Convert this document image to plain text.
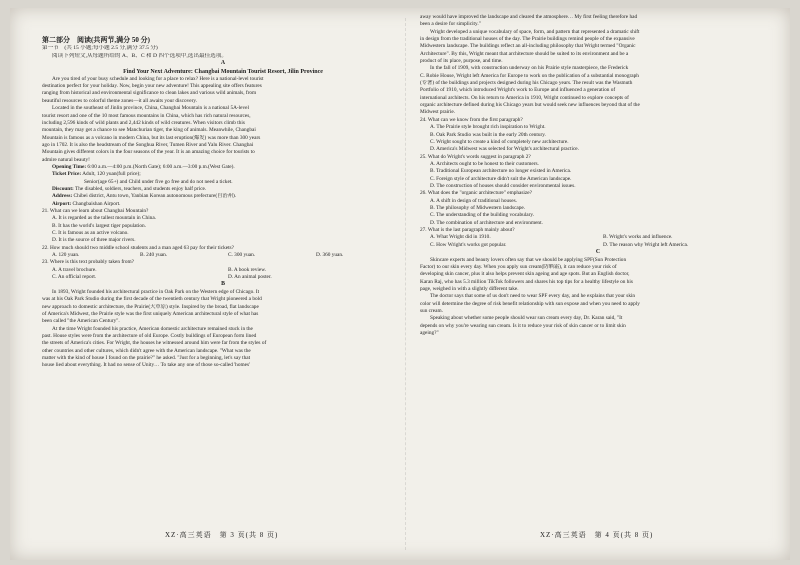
第二部分　阅读(共两节,满分 50 分)
第一节　(共 15 小题;每小题 2.5 分,满分 37.5 分)
阅读下列短文,从每题所给的 A、B、C 和 D 四个选项中,选出最佳选项。
A
Find Your Next Adventure: Changbai Mountain Tourist Resort, Jilin Province
Are you tired of your busy schedule and looking for a place to relax? Here is a national-level tourist
destination perfect for your holiday. Now, begin your new adventure! This appealing site offers features
ranging from historical and environmental significance to clean lakes and various wild animals, from
beautiful resources to colorful theme zones—it all awaits your discovery.
Located in the southeast of Jinlin province, China, Changbai Mountain is a national 5A-level
tourist resort and one of the 10 most famous mountains in China, which has rich natural resources,
including 2,596 kinds of wild plants and 2,442 kinds of wild creatures. When visitors climb this
mountain, they may get a chance to see Manchurian tiger, the king of animals. Meanwhile, Changbai
Mountain is famous as a volcano in modern China, but its last eruption(爆发) was more than 300 years
ago in 1702. It is also the headstream of the Songhua River, Tumen River and Yalu River. Changbai
Mountain gives different colors in the four seasons of the year. It is an amazing choice for tourists to
admire natural beauty!
Opening Time: 6:00 a.m.—4:00 p.m.(North Gate); 6:00 a.m.—3:00 p.m.(West Gate).
Ticket Price: Adult, 120 yuan(full price);
Senior(age 65+) and Child under five go free and do not need a ticket.
Discount: The disabled, soldiers, teachers, and students enjoy half price.
Address: Chibei district, Antu town, Yanbian Korean autonomous prefecture(自治州).
Airport: Changbaishan Airport.
21. What can we learn about Changbai Mountain?
A. It is regarded as the tallest mountain in China.
B. It has the world's largest tiger population.
C. It is famous as an active volcano.
D. It is the source of three major rivers.
22. How much should two middle school students and a man aged 63 pay for their tickets?
A. 120 yuan.	B. 240 yuan.	C. 300 yuan.	D. 360 yuan.
23. Where is this text probably taken from?
A. A travel brochure.	B. A book review.
C. An official report.	D. An animal poster.
B
In 1893, Wright founded his architectural practice in Oak Park on the Western edge of Chicago. It
was at his Oak Park Studio during the first decade of the twentieth century that Wright pioneered a bold
new approach to domestic architecture, the Prairie(大草原) style. Inspired by the broad, flat landscape
of America's Midwest, the Prairie style was the first uniquely American architectural style of what has
been called "the American Century".
At the time Wright founded his practice, American domestic architecture remained stuck in the
past. House styles were from the architecture of old Europe. Costly buildings of European form lined
the streets of America's cities. For Wright, the houses he witnessed around him were far from the styles of
other countries and other cultures, which didn't agree with the American landscape. "What was the
matter with the kind of house I found on the prairie?" he asked. "Just for a beginning, let's say that
house lied about everything. It had no sense of Unity… To take any one of those so-called 'homes'
away would have improved the landscape and cleared the atmosphere… My first feeling therefore had
been a desire for simplicity."
Wright developed a unique vocabulary of space, form, and pattern that represented a dramatic shift
in design from the traditional houses of the day. The Prairie buildings remind people of the expansive
Midwestern landscape. The buildings reflect an all-including philosophy that Wright termed "Organic
Architecture". By this, Wright meant that architecture should be suited to its environment and be a
product of its place, purpose, and time.
In the fall of 1909, with construction underway on his Prairie style masterpiece, the Frederick
C. Robie House, Wright left America for Europe to work on the publication of a substantial monograph
(专著) of the buildings and projects designed during his Chicago years. The result was the Wasmuth
Portfolio of 1910, which introduced Wright's work to Europe and influenced a generation of
international architects. On his return to America in 1910, Wright continued to explore concepts of
organic architecture defined during his Chicago years but would seek new influences beyond that of the
Midwest prairie.
24. What can we know from the first paragraph?
A. The Prairie style brought rich inspiration to Wright.
B. Oak Park Studio was built in the early 20th century.
C. Wright sought to create a kind of completely new architecture.
D. America's Midwest was selected for Wright's architectural practice.
25. What do Wright's words suggest in paragraph 2?
A. Architects ought to be honest to their customers.
B. Traditional European architecture no longer existed in America.
C. Foreign style of architecture didn't suit the American landscape.
D. The construction of houses should consider environmental issues.
26. What does the "organic architecture" emphasize?
A. A shift in design of traditional houses.
B. The philosophy of Midwestern landscape.
C. The understanding of the building vocabulary.
D. The combination of architecture and environment.
27. What is the last paragraph mainly about?
A. What Wright did in 1910.	B. Wright's works and influence.
C. How Wright's works got popular.	D. The reason why Wright left America.
C
Skincare experts and beauty lovers often say that we should be applying SPF(Sun Protection
Factor) to our skin every day. When you apply sun cream(防晒霜), it can reduce your risk of
developing skin cancer, plus it also helps prevent skin ageing and age spots. But an English doctor,
Karan Raj, who has 5.3 million TikTok followers and shares his top tips for a healthy lifestyle on his
page, weighed in with a slightly different take.
The doctor says that some of us don't need to wear SPF every day, and he explains that your skin
color will determine the degree of risk benefit relationship with sun expose and when you need to apply
sun cream.
Speaking about whether some people should wear sun cream every day, Dr. Karan said, "It
depends on why you're wearing sun cream. Is it to reduce your risk of skin cancer or to limit skin
ageing?"
XZ·高三英语　第 3 页(共 8 页)	XZ·高三英语　第 4 页(共 8 页)
